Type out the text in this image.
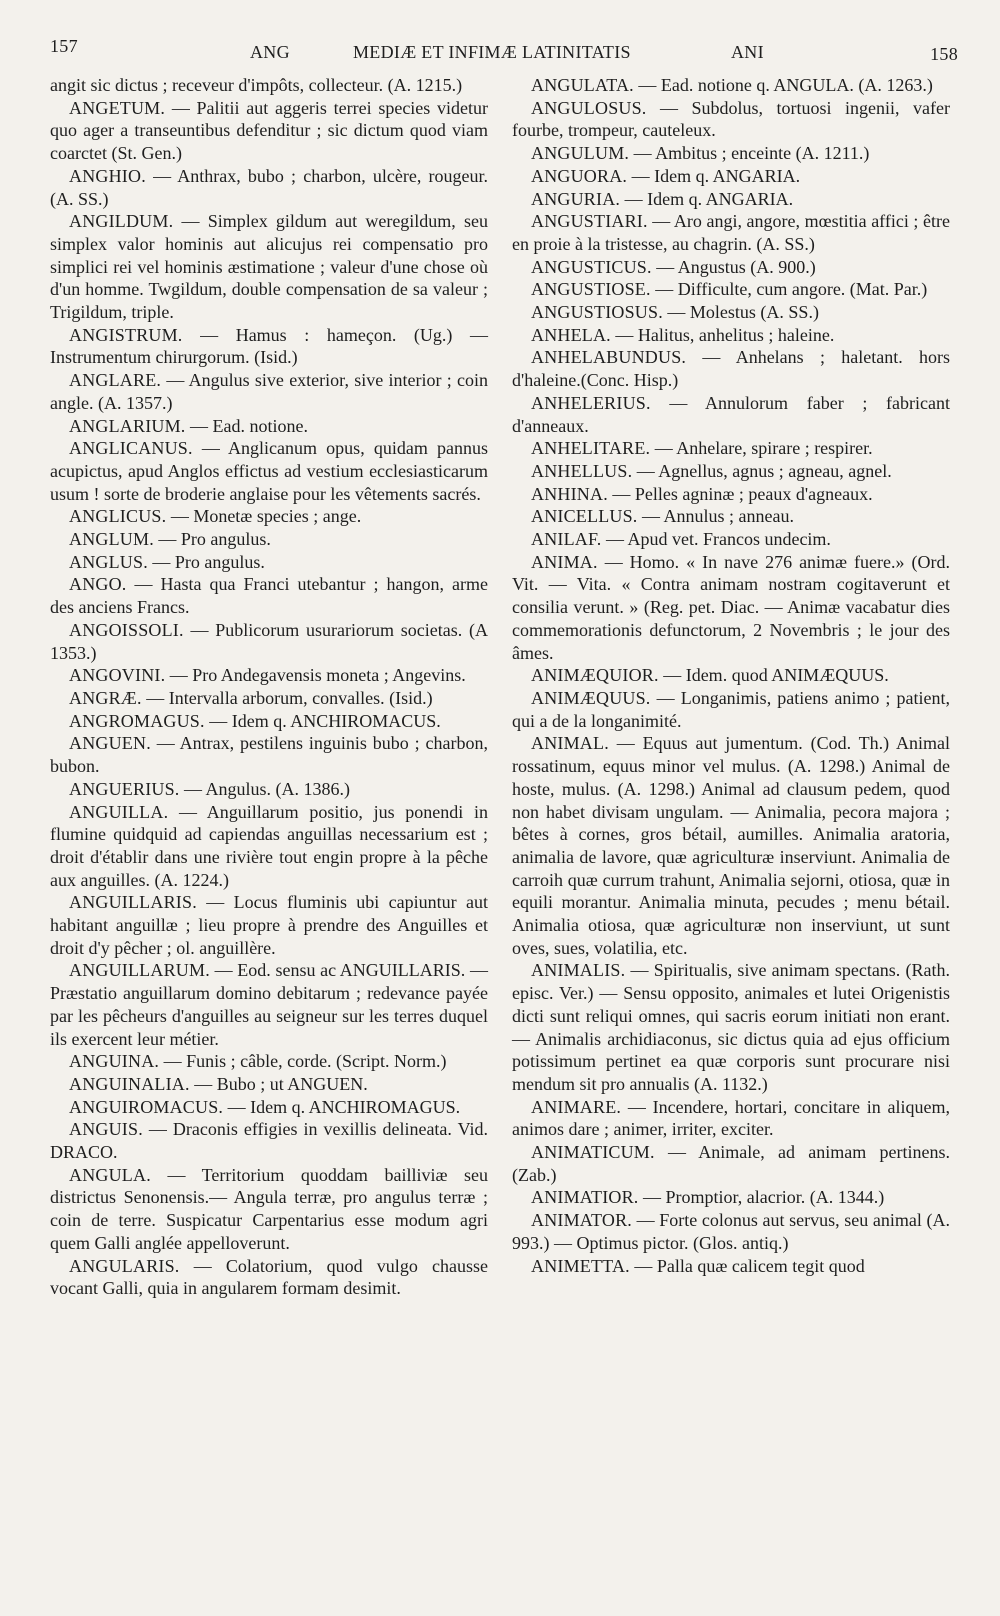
157	ANG	MEDIÆ ET INFIMÆ LATINITATIS	ANI	158

angit sic dictus ; receveur d'impôts, collecteur. (A. 1215.)

ANGETUM. — Palitii aut aggeris terrei species videtur quo ager a transeuntibus defenditur ; sic dictum quod viam coarctet (St. Gen.)

ANGHIO. — Anthrax, bubo ; charbon, ulcère, rougeur. (A. SS.)

ANGILDUM. — Simplex gildum aut weregildum, seu simplex valor hominis aut alicujus rei compensatio pro simplici rei vel hominis æstimatione ; valeur d'une chose où d'un homme. Twgildum, double compensation de sa valeur ; Trigildum, triple.

ANGISTRUM. — Hamus : hameçon. (Ug.) — Instrumentum chirurgorum. (Isid.)

ANGLARE. — Angulus sive exterior, sive interior ; coin angle. (A. 1357.)

ANGLARIUM. — Ead. notione.

ANGLICANUS. — Anglicanum opus, quidam pannus acupictus, apud Anglos effictus ad vestium ecclesiasticarum usum ! sorte de broderie anglaise pour les vêtements sacrés.

ANGLICUS. — Monetæ species ; ange.

ANGLUM. — Pro angulus.

ANGLUS. — Pro angulus.

ANGO. — Hasta qua Franci utebantur ; hangon, arme des anciens Francs.

ANGOISSOLI. — Publicorum usurariorum societas. (A 1353.)

ANGOVINI. — Pro Andegavensis moneta ; Angevins.

ANGRÆ. — Intervalla arborum, convalles. (Isid.)

ANGROMAGUS. — Idem q. ANCHIROMACUS.

ANGUEN. — Antrax, pestilens inguinis bubo ; charbon, bubon.

ANGUERIUS. — Angulus. (A. 1386.)

ANGUILLA. — Anguillarum positio, jus ponendi in flumine quidquid ad capiendas anguillas necessarium est ; droit d'établir dans une rivière tout engin propre à la pêche aux anguilles. (A. 1224.)

ANGUILLARIS. — Locus fluminis ubi capiuntur aut habitant anguillæ ; lieu propre à prendre des Anguilles et droit d'y pêcher ; ol. anguillère.

ANGUILLARUM. — Eod. sensu ac ANGUILLARIS. — Præstatio anguillarum domino debitarum ; redevance payée par les pêcheurs d'anguilles au seigneur sur les terres duquel ils exercent leur métier.

ANGUINA. — Funis ; câble, corde. (Script. Norm.)

ANGUINALIA. — Bubo ; ut ANGUEN.

ANGUIROMACUS. — Idem q. ANCHIROMAGUS.

ANGUIS. — Draconis effigies in vexillis delineata. Vid. DRACO.

ANGULA. — Territorium quoddam bailliviæ seu districtus Senonensis.— Angula terræ, pro angulus terræ ; coin de terre. Suspicatur Carpentarius esse modum agri quem Galli anglée appelloverunt.

ANGULARIS. — Colatorium, quod vulgo chausse vocant Galli, quia in angularem formam desimit.

ANGULATA. — Ead. notione q. ANGULA. (A. 1263.)

ANGULOSUS. — Subdolus, tortuosi ingenii, vafer fourbe, trompeur, cauteleux.

ANGULUM. — Ambitus ; enceinte (A. 1211.)

ANGUORA. — Idem q. ANGARIA.

ANGURIA. — Idem q. ANGARIA.

ANGUSTIARI. — Aro angi, angore, mœstitia affici ; être en proie à la tristesse, au chagrin. (A. SS.)

ANGUSTICUS. — Angustus (A. 900.)

ANGUSTIOSE. — Difficulte, cum angore. (Mat. Par.)

ANGUSTIOSUS. — Molestus (A. SS.)

ANHELA. — Halitus, anhelitus ; haleine.

ANHELABUNDUS. — Anhelans ; haletant. hors d'haleine.(Conc. Hisp.)

ANHELERIUS. — Annulorum faber ; fabricant d'anneaux.

ANHELITARE. — Anhelare, spirare ; respirer.

ANHELLUS. — Agnellus, agnus ; agneau, agnel.

ANHINA. — Pelles agninæ ; peaux d'agneaux.

ANICELLUS. — Annulus ; anneau.

ANILAF. — Apud vet. Francos undecim.

ANIMA. — Homo. « In nave 276 animæ fuere.» (Ord. Vit. — Vita. « Contra animam nostram cogitaverunt et consilia verunt. » (Reg. pet. Diac. — Animæ vacabatur dies commemorationis defunctorum, 2 Novembris ; le jour des âmes.

ANIMÆQUIOR. — Idem. quod ANIMÆQUUS.

ANIMÆQUUS. — Longanimis, patiens animo ; patient, qui a de la longanimité.

ANIMAL. — Equus aut jumentum. (Cod. Th.) Animal rossatinum, equus minor vel mulus. (A. 1298.) Animal de hoste, mulus. (A. 1298.) Animal ad clausum pedem, quod non habet divisam ungulam. — Animalia, pecora majora ; bêtes à cornes, gros bétail, aumilles. Animalia aratoria, animalia de lavore, quæ agriculturæ inserviunt. Animalia de carroih quæ currum trahunt, Animalia sejorni, otiosa, quæ in equili morantur. Animalia minuta, pecudes ; menu bétail. Animalia otiosa, quæ agriculturæ non inserviunt, ut sunt oves, sues, volatilia, etc.

ANIMALIS. — Spiritualis, sive animam spectans. (Rath. episc. Ver.) — Sensu opposito, animales et lutei Origenistis dicti sunt reliqui omnes, qui sacris eorum initiati non erant. — Animalis archidiaconus, sic dictus quia ad ejus officium potissimum pertinet ea quæ corporis sunt procurare nisi mendum sit pro annualis (A. 1132.)

ANIMARE. — Incendere, hortari, concitare in aliquem, animos dare ; animer, irriter, exciter.

ANIMATICUM. — Animale, ad animam pertinens. (Zab.)

ANIMATIOR. — Promptior, alacrior. (A. 1344.)

ANIMATOR. — Forte colonus aut servus, seu animal (A. 993.) — Optimus pictor. (Glos. antiq.)

ANIMETTA. — Palla quæ calicem tegit quod
